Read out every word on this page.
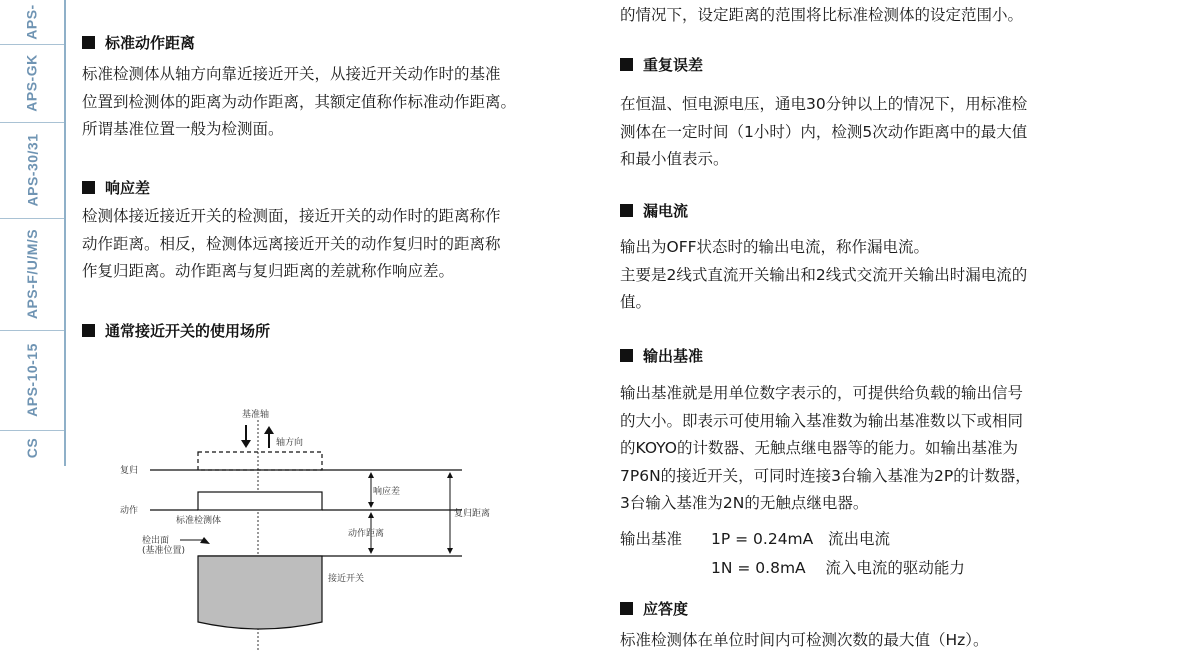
APS-
APS-GK
APS-30/31
APS-F/U/M/S
APS-10-15
CS
标准动作距离
标准检测体从轴方向靠近接近开关，从接近开关动作时的基准
位置到检测体的距离为动作距离，其额定值称作标准动作距离。
所谓基准位置一般为检测面。
响应差
检测体接近接近开关的检测面，接近开关的动作时的距离称作
动作距离。相反，检测体远离接近开关的动作复归时的距离称
作复归距离。动作距离与复归距离的差就称作响应差。
通常接近开关的使用场所
基准轴
轴方向
复归
动作
标准检测体
响应差
动作距离
复归距离
检出面
(基准位置)
接近开关
的情况下，设定距离的范围将比标准检测体的设定范围小。
重复误差
在恒温、恒电源电压，通电30分钟以上的情况下，用标准检
测体在一定时间（1小时）内，检测5次动作距离中的最大值
和最小值表示。
漏电流
输出为OFF状态时的输出电流，称作漏电流。
主要是2线式直流开关输出和2线式交流开关输出时漏电流的
值。
输出基准
输出基准就是用单位数字表示的，可提供给负载的输出信号
的大小。即表示可使用输入基准数为输出基准数以下或相同
的KOYO的计数器、无触点继电器等的能力。如输出基准为
7P6N的接近开关，可同时连接3台输入基准为2P的计数器，
3台输入基准为2N的无触点继电器。
输出基准 1P = 0.24mA   流出电流
1N = 0.8mA    流入电流的驱动能力
应答度
标准检测体在单位时间内可检测次数的最大值（Hz）。
